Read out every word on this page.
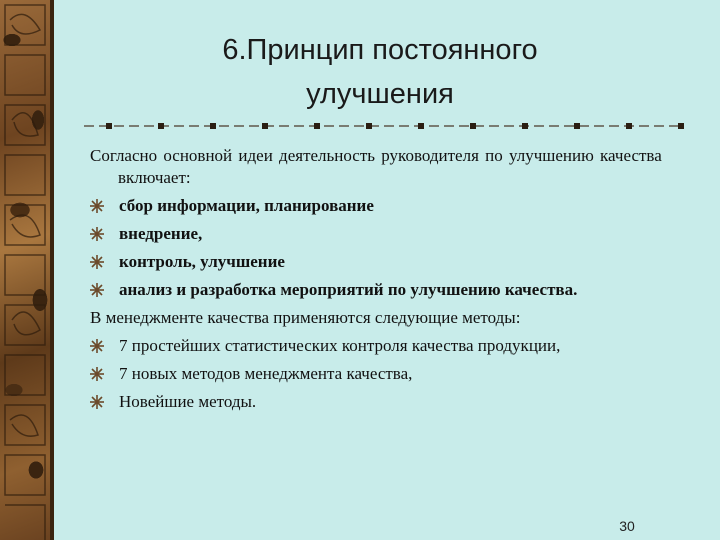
6.Принцип постоянного
улучшения

Согласно основной идеи деятельность руководителя по улучшению качества включает:

сбор информации, планирование
внедрение,
контроль, улучшение
анализ и разработка мероприятий по улучшению качества.

В менеджменте качества применяются следующие методы:

7 простейших статистических контроля качества продукции,
7 новых методов менеджмента качества,
Новейшие методы.
30
